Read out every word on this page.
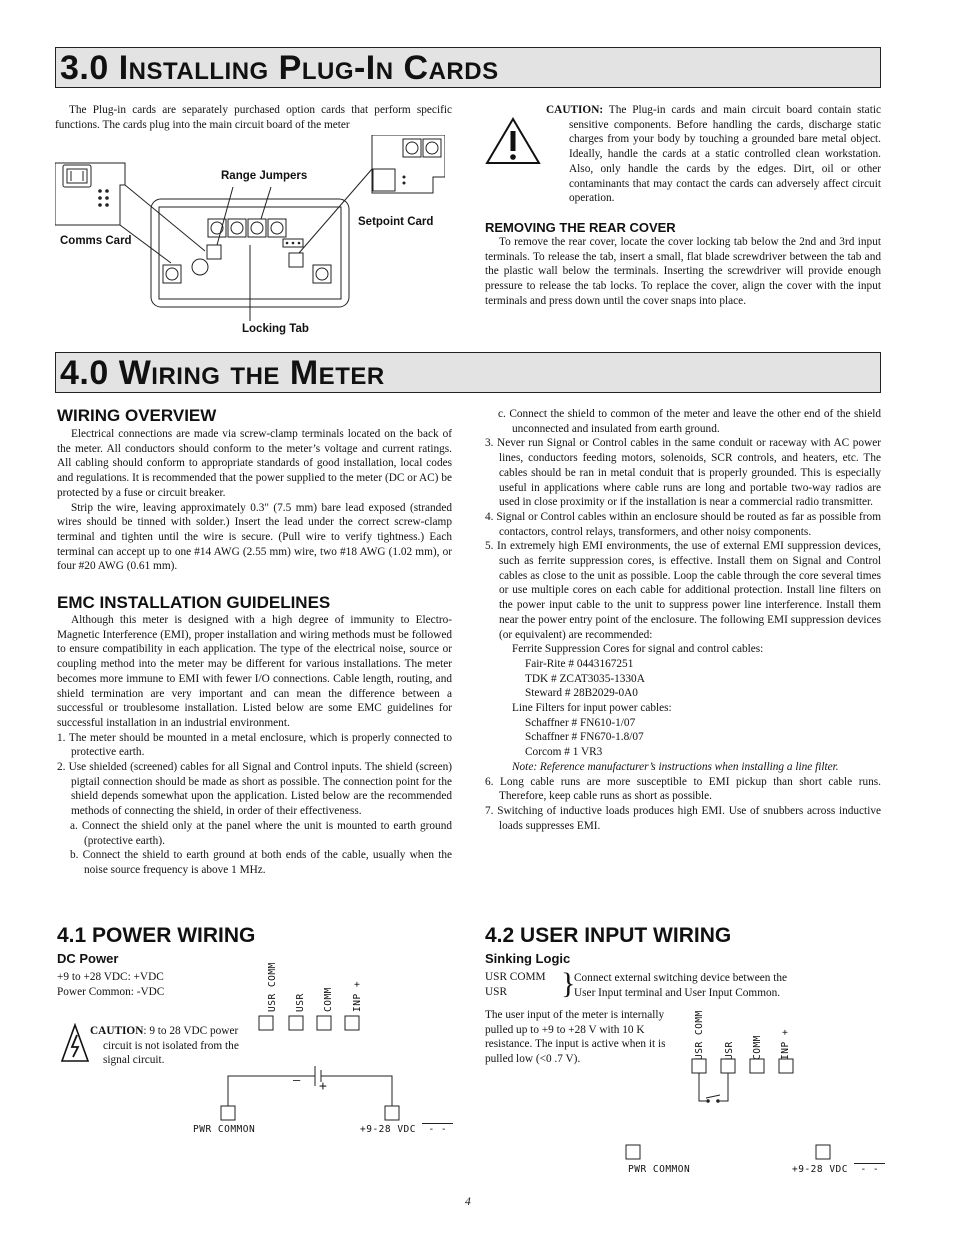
3.0 Installing Plug-In Cards

The Plug-in cards are separately purchased option cards that perform specific functions. The cards plug into the main circuit board of the meter

Range Jumpers
Setpoint Card
Comms Card
Locking Tab

CAUTION: The Plug-in cards and main circuit board contain static sensitive components. Before handling the cards, discharge static charges from your body by touching a grounded bare metal object. Ideally, handle the cards at a static controlled clean workstation. Also, only handle the cards by the edges. Dirt, oil or other contaminants that may contact the cards can adversely affect circuit operation.

REMOVING THE REAR COVER

To remove the rear cover, locate the cover locking tab below the 2nd and 3rd input terminals. To release the tab, insert a small, flat blade screwdriver between the tab and the plastic wall below the terminals. Inserting the screwdriver will provide enough pressure to release the tab locks. To replace the cover, align the cover with the input terminals and press down until the cover snaps into place.

4.0 Wiring the Meter
WIRING OVERVIEW

Electrical connections are made via screw-clamp terminals located on the back of the meter. All conductors should conform to the meter’s voltage and current ratings. All cabling should conform to appropriate standards of good installation, local codes and regulations. It is recommended that the power supplied to the meter (DC or AC) be protected by a fuse or circuit breaker.

Strip the wire, leaving approximately 0.3" (7.5 mm) bare lead exposed (stranded wires should be tinned with solder.) Insert the lead under the correct screw-clamp terminal and tighten until the wire is secure. (Pull wire to verify tightness.) Each terminal can accept up to one #14 AWG (2.55 mm) wire, two #18 AWG (1.02 mm), or four #20 AWG (0.61 mm).

EMC INSTALLATION GUIDELINES

Although this meter is designed with a high degree of immunity to Electro-Magnetic Interference (EMI), proper installation and wiring methods must be followed to ensure compatibility in each application. The type of the electrical noise, source or coupling method into the meter may be different for various installations. The meter becomes more immune to EMI with fewer I/O connections. Cable length, routing, and shield termination are very important and can mean the difference between a successful or troublesome installation. Listed below are some EMC guidelines for successful installation in an industrial environment.

1. The meter should be mounted in a metal enclosure, which is properly connected to protective earth.

2. Use shielded (screened) cables for all Signal and Control inputs. The shield (screen) pigtail connection should be made as short as possible. The connection point for the shield depends somewhat upon the application. Listed below are the recommended methods of connecting the shield, in order of their effectiveness.

a. Connect the shield only at the panel where the unit is mounted to earth ground (protective earth).

b. Connect the shield to earth ground at both ends of the cable, usually when the noise source frequency is above 1 MHz.

c. Connect the shield to common of the meter and leave the other end of the shield unconnected and insulated from earth ground.

3. Never run Signal or Control cables in the same conduit or raceway with AC power lines, conductors feeding motors, solenoids, SCR controls, and heaters, etc. The cables should be ran in metal conduit that is properly grounded. This is especially useful in applications where cable runs are long and portable two-way radios are used in close proximity or if the installation is near a commercial radio transmitter.

4. Signal or Control cables within an enclosure should be routed as far as possible from contactors, control relays, transformers, and other noisy components.

5. In extremely high EMI environments, the use of external EMI suppression devices, such as ferrite suppression cores, is effective. Install them on Signal and Control cables as close to the unit as possible. Loop the cable through the core several times or use multiple cores on each cable for additional protection. Install line filters on the power input cable to the unit to suppress power line interference. Install them near the power entry point of the enclosure. The following EMI suppression devices (or equivalent) are recommended:

Ferrite Suppression Cores for signal and control cables:

Fair-Rite # 0443167251

TDK # ZCAT3035-1330A

Steward # 28B2029-0A0

Line Filters for input power cables:

Schaffner # FN610-1/07

Schaffner # FN670-1.8/07

Corcom # 1 VR3

Note: Reference manufacturer’s instructions when installing a line filter.

6. Long cable runs are more susceptible to EMI pickup than short cable runs. Therefore, keep cable runs as short as possible.

7. Switching of inductive loads produces high EMI. Use of snubbers across inductive loads suppresses EMI.

4.1 POWER WIRING
DC Power

+9 to +28 VDC: +VDC

Power Common: -VDC

CAUTION: 9 to 28 VDC power circuit is not isolated from the signal circuit.

USR COMM USR COMM INP +
— +
PWR COMMON	+9-28 VDC  - -
4.2 USER INPUT WIRING
Sinking Logic

USR COMM

USR	}
Connect external switching device between the User Input terminal and User Input Common.
The user input of the meter is internally pulled up to +9 to +28 V with 10 K resistance. The input is active when it is pulled low (<0 .7 V).	USR COMM USR COMM INP +
PWR COMMON	+9-28 VDC  - -
4
